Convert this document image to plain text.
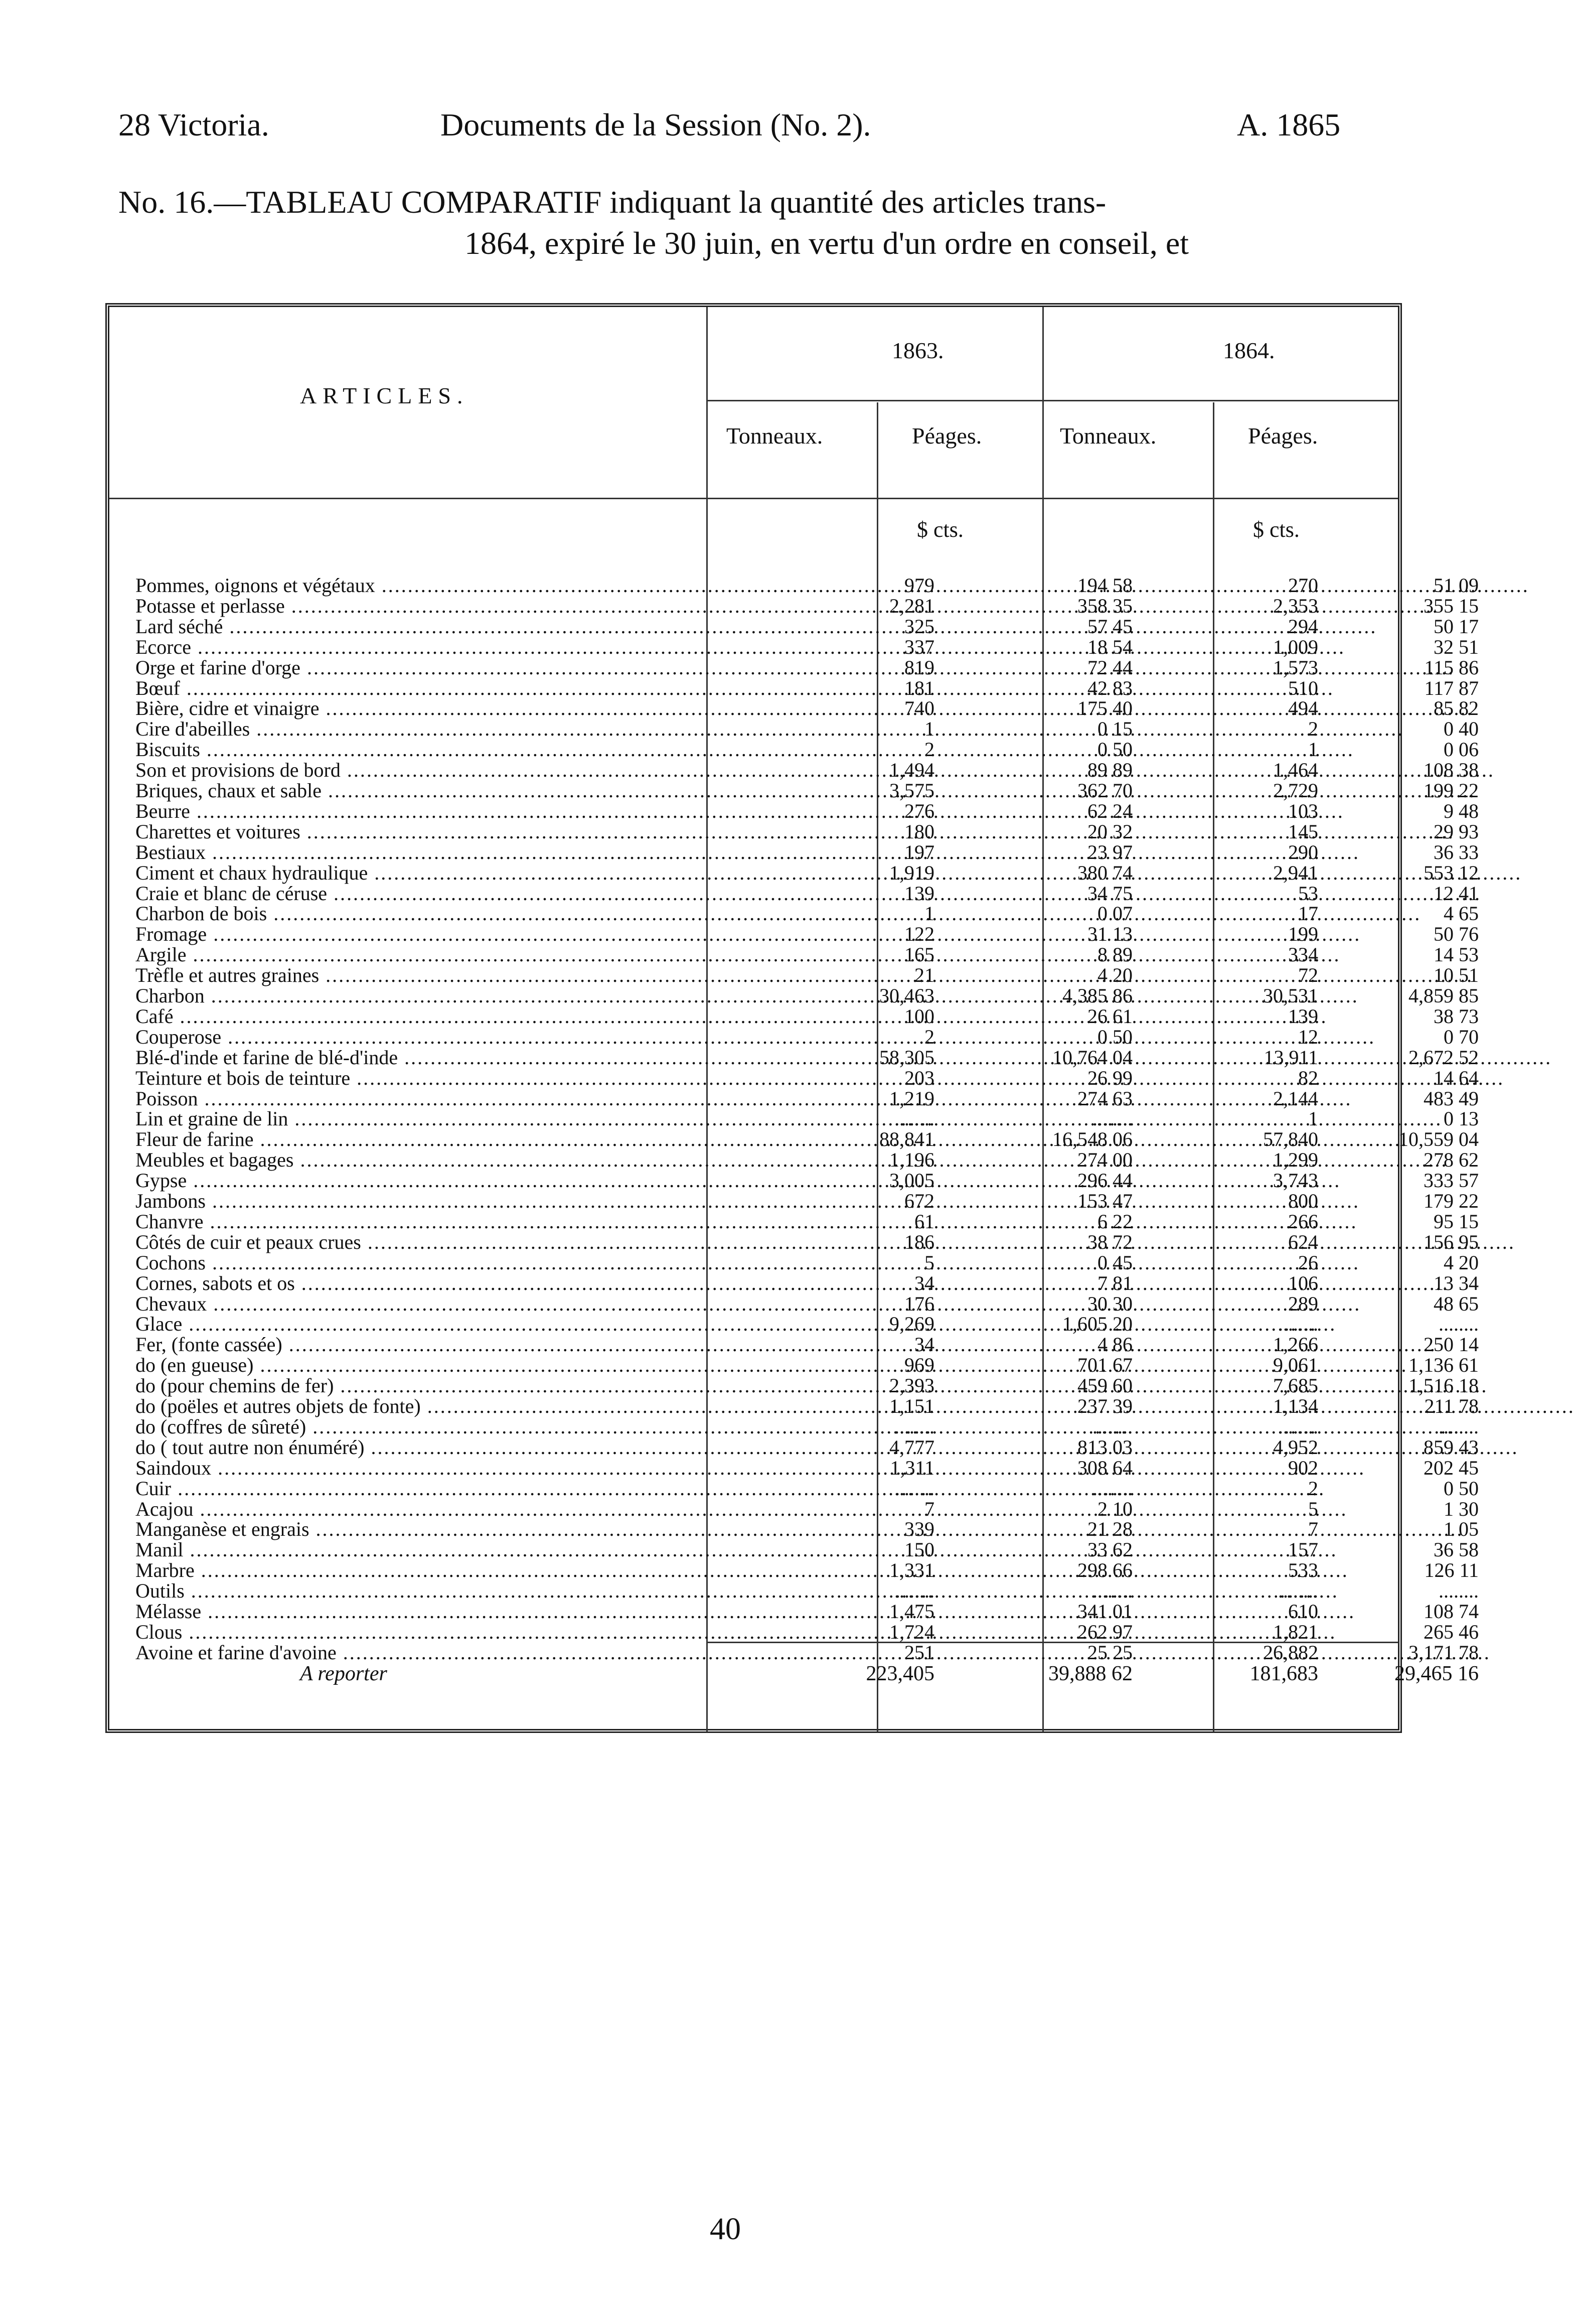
28 Victoria.	Documents de la Session (No. 2).	A. 1865
No. 16.—TABLEAU COMPARATIF indiquant la quantité des articles trans-
1864, expiré le 30 juin, en vertu d'un ordre en conseil, et
ARTICLES.
1863.	1864.
Tonneaux.	Péages.	Tonneaux.	Péages.
$ cts.	$ cts.
Pommes, oignons et végétaux .....	979	194 58	270	51 09
Potasse et perlasse .....	2,281	358 35	2,353	355 15
Lard séché .....	325	57 45	294	50 17
Ecorce .....	337	18 54	1,009	32 51
Orge et farine d'orge .....	819	72 44	1,573	115 86
Bœuf .....	181	42 83	510	117 87
Bière, cidre et vinaigre .....	740	175 40	494	85 82
Cire d'abeilles .....	1	0 15	2	0 40
Biscuits .....	2	0 50	1	0 06
Son et provisions de bord .....	1,494	89 89	1,464	108 38
Briques, chaux et sable .....	3,575	362 70	2,729	199 22
Beurre .....	276	62 24	103	9 48
Charettes et voitures .....	180	20 32	145	29 93
Bestiaux .....	197	23 97	290	36 33
Ciment et chaux hydraulique .....	1,919	380 74	2,941	553 12
Craie et blanc de céruse .....	139	34 75	53	12 41
Charbon de bois .....	1	0 07	17	4 65
Fromage .....	122	31 13	199	50 76
Argile .....	165	8 89	334	14 53
Trèfle et autres graines .....	21	4 20	72	10 51
Charbon .....	30,463	4,385 86	30,531	4,859 85
Café .....	100	26 61	139	38 73
Couperose .....	2	0 50	12	0 70
Blé-d'inde et farine de blé-d'inde .....	58,305	10,764 04	13,911	2,672 52
Teinture et bois de teinture .....	203	26 99	82	14 64
Poisson .....	1,219	274 63	2,144	483 49
Lin et graine de lin .....	........	........	1	0 13
Fleur de farine .....	88,841	16,548 06	57,840	10,559 04
Meubles et bagages .....	1,196	274 00	1,299	278 62
Gypse .....	3,005	296 44	3,743	333 57
Jambons .....	672	153 47	800	179 22
Chanvre .....	61	6 22	266	95 15
Côtés de cuir et peaux crues .....	186	38 72	624	156 95
Cochons .....	5	0 45	26	4 20
Cornes, sabots et os .....	34	7 81	106	13 34
Chevaux .....	176	30 30	289	48 65
Glace .....	9,269	1,605 20	........	........
Fer, (fonte cassée) .....	34	4 86	1,266	250 14
do (en gueuse) .....	969	701 67	9,061	1,136 61
do (pour chemins de fer) .....	2,393	459 60	7,685	1,516 18
do (poëles et autres objets de fonte) .....	1,151	237 39	1,134	211 78
do (coffres de sûreté) .....	........	........	........	........
do ( tout autre non énuméré) .....	4,777	813 03	4,952	859 43
Saindoux .....	1,311	308 64	902	202 45
Cuir .....	........	........	2	0 50
Acajou .....	7	2 10	5	1 30
Manganèse et engrais .....	339	21 28	7	1 05
Manil .....	150	33 62	157	36 58
Marbre .....	1,331	298 66	533	126 11
Outils .....	........	........	........	........
Mélasse .....	1,475	341 01	610	108 74
Clous .....	1,724	262 97	1,821	265 46
Avoine et farine d'avoine .....	251	25 25	26,882	3,171 78
A reporter	223,405	39,888 62	181,683	29,465 16
40
